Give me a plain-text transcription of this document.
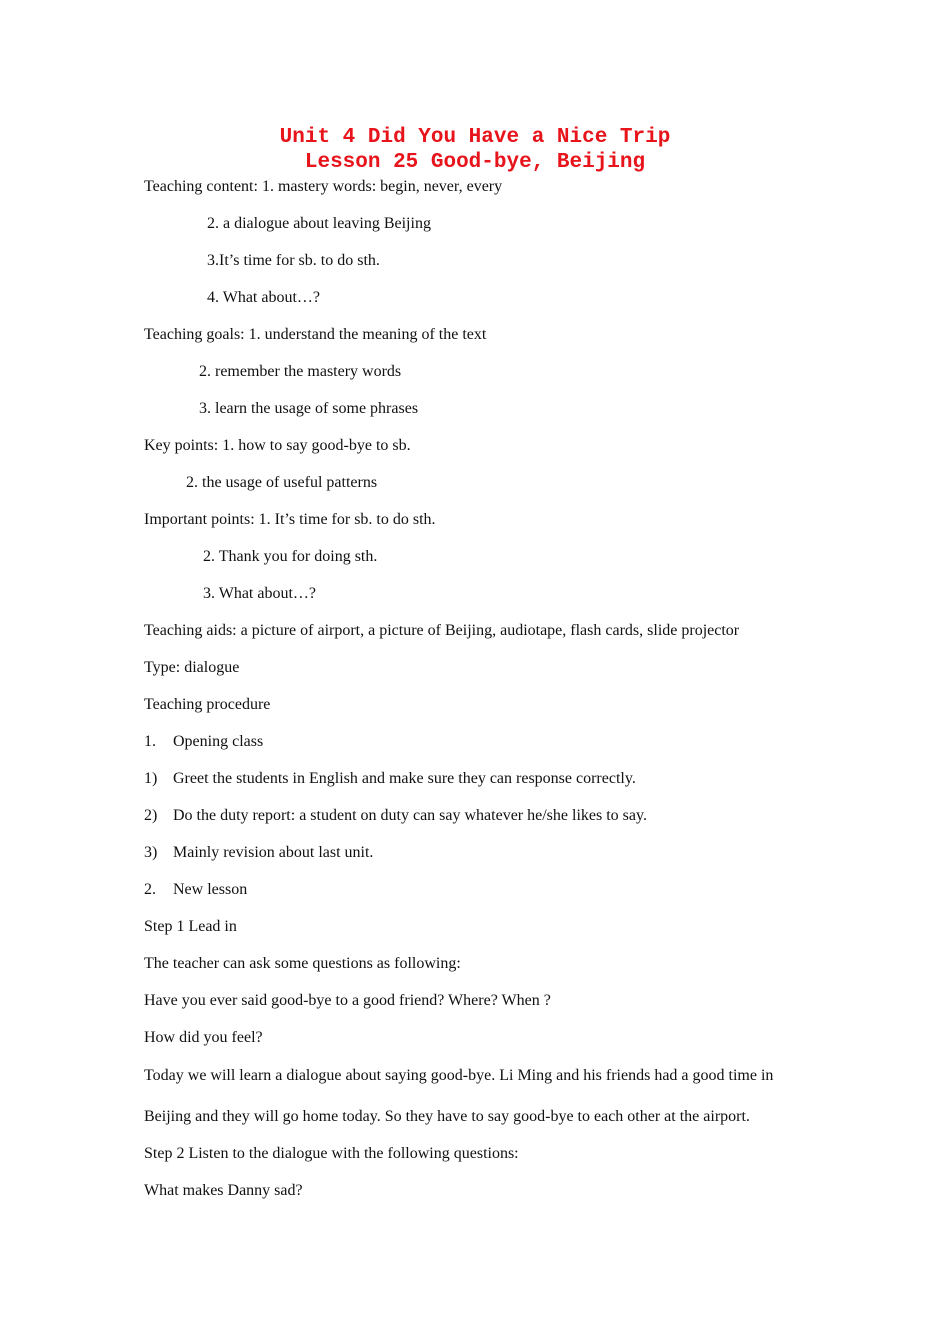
Unit 4 Did You Have a Nice Trip
Lesson 25 Good-bye, Beijing
Teaching content: 1. mastery words: begin, never, every
2. a dialogue about leaving Beijing
3.It’s time for sb. to do sth.
4. What about…?
Teaching goals: 1. understand the meaning of the text
2. remember the mastery words
3. learn the usage of some phrases
Key points: 1. how to say good-bye to sb.
2. the usage of useful patterns
Important points: 1. It’s time for sb. to do sth.
2. Thank you for doing sth.
3. What about…?
Teaching aids: a picture of airport, a picture of Beijing, audiotape, flash cards, slide projector
Type: dialogue
Teaching procedure
1. Opening class
1) Greet the students in English and make sure they can response correctly.
2) Do the duty report: a student on duty can say whatever he/she likes to say.
3) Mainly revision about last unit.
2. New lesson
Step 1 Lead in
The teacher can ask some questions as following:
Have you ever said good-bye to a good friend? Where? When ?
How did you feel?
Today we will learn a dialogue about saying good-bye. Li Ming and his friends had a good time in
Beijing and they will go home today. So they have to say good-bye to each other at the airport.
Step 2 Listen to the dialogue with the following questions:
What makes Danny sad?
